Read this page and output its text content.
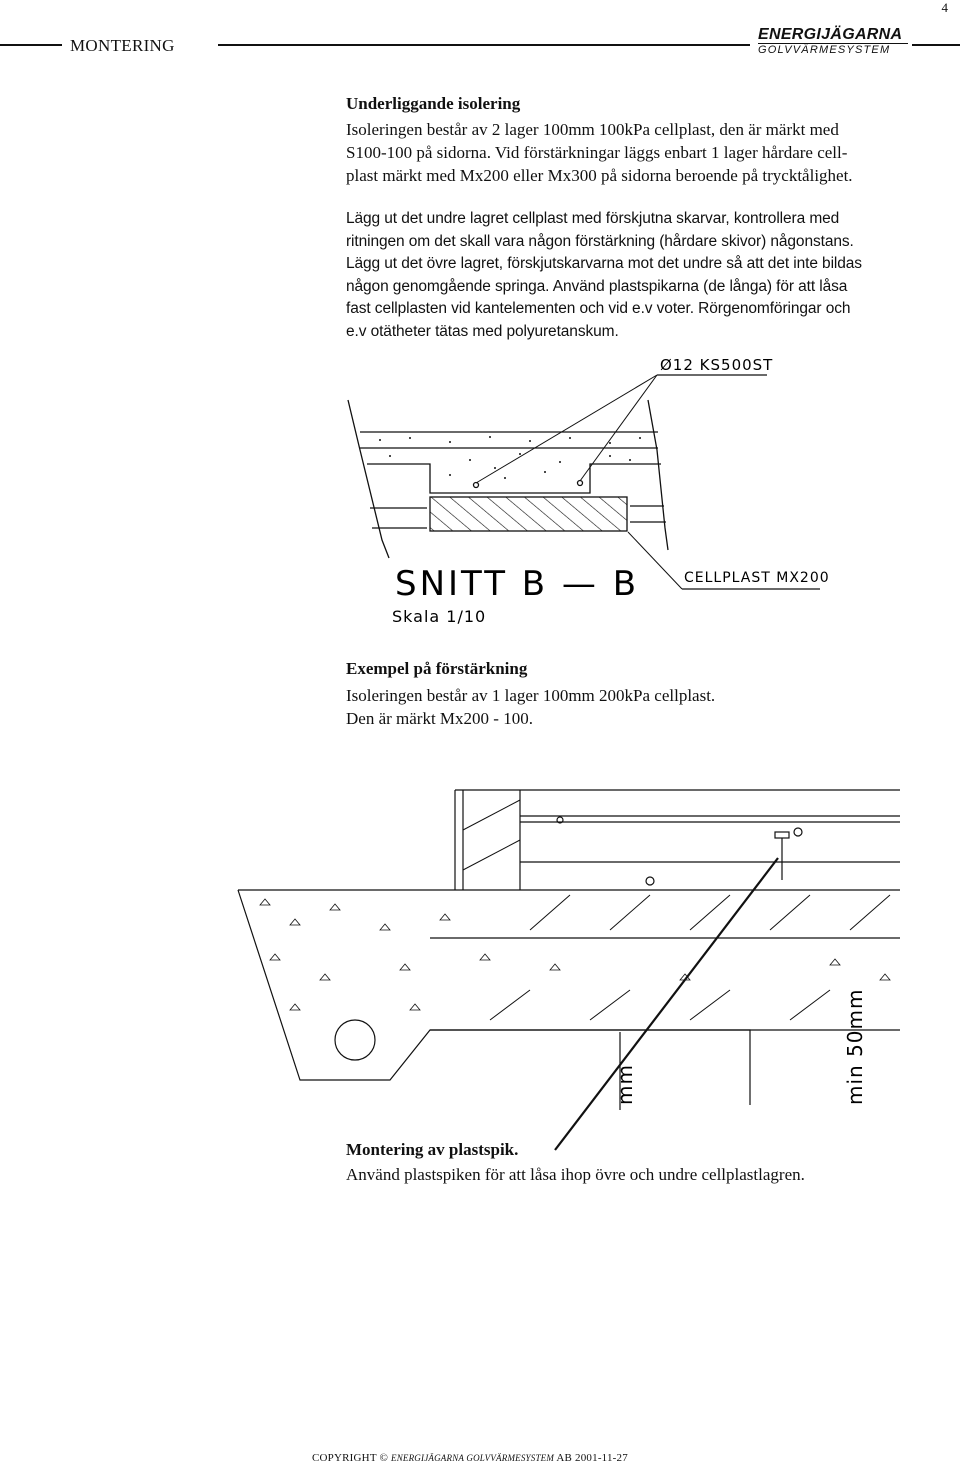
4
MONTERING
ENERGIJÄGARNA
GOLVVÄRMESYSTEM
Underliggande isolering
Isoleringen består av 2 lager 100mm 100kPa cellplast, den är märkt med
S100-100 på sidorna. Vid förstärkningar läggs enbart 1 lager hårdare cell-
plast märkt med Mx200 eller Mx300 på sidorna beroende på trycktålighet.
Lägg ut det undre lagret cellplast med förskjutna skarvar, kontrollera med
ritningen om det skall vara någon förstärkning (hårdare skivor) någonstans.
Lägg ut det övre lagret, förskjutskarvarna mot det undre så att det inte bildas
någon genomgående springa. Använd plastspikarna (de långa) för att låsa
fast cellplasten vid kantelementen och vid e.v voter. Rörgenomföringar och
e.v otätheter tätas med polyuretanskum.
Ø12 KS500ST
SNITT B — B
Skala 1/10
CELLPLAST MX200
Exempel på förstärkning
Isoleringen består av 1 lager 100mm 200kPa cellplast.
Den är märkt Mx200 - 100.
mm	min 50mm
Montering av plastspik.
Använd plastspiken för att låsa ihop övre och undre cellplastlagren.
COPYRIGHT © ENERGIJÄGARNA GOLVVÄRMESYSTEM AB 2001-11-27
